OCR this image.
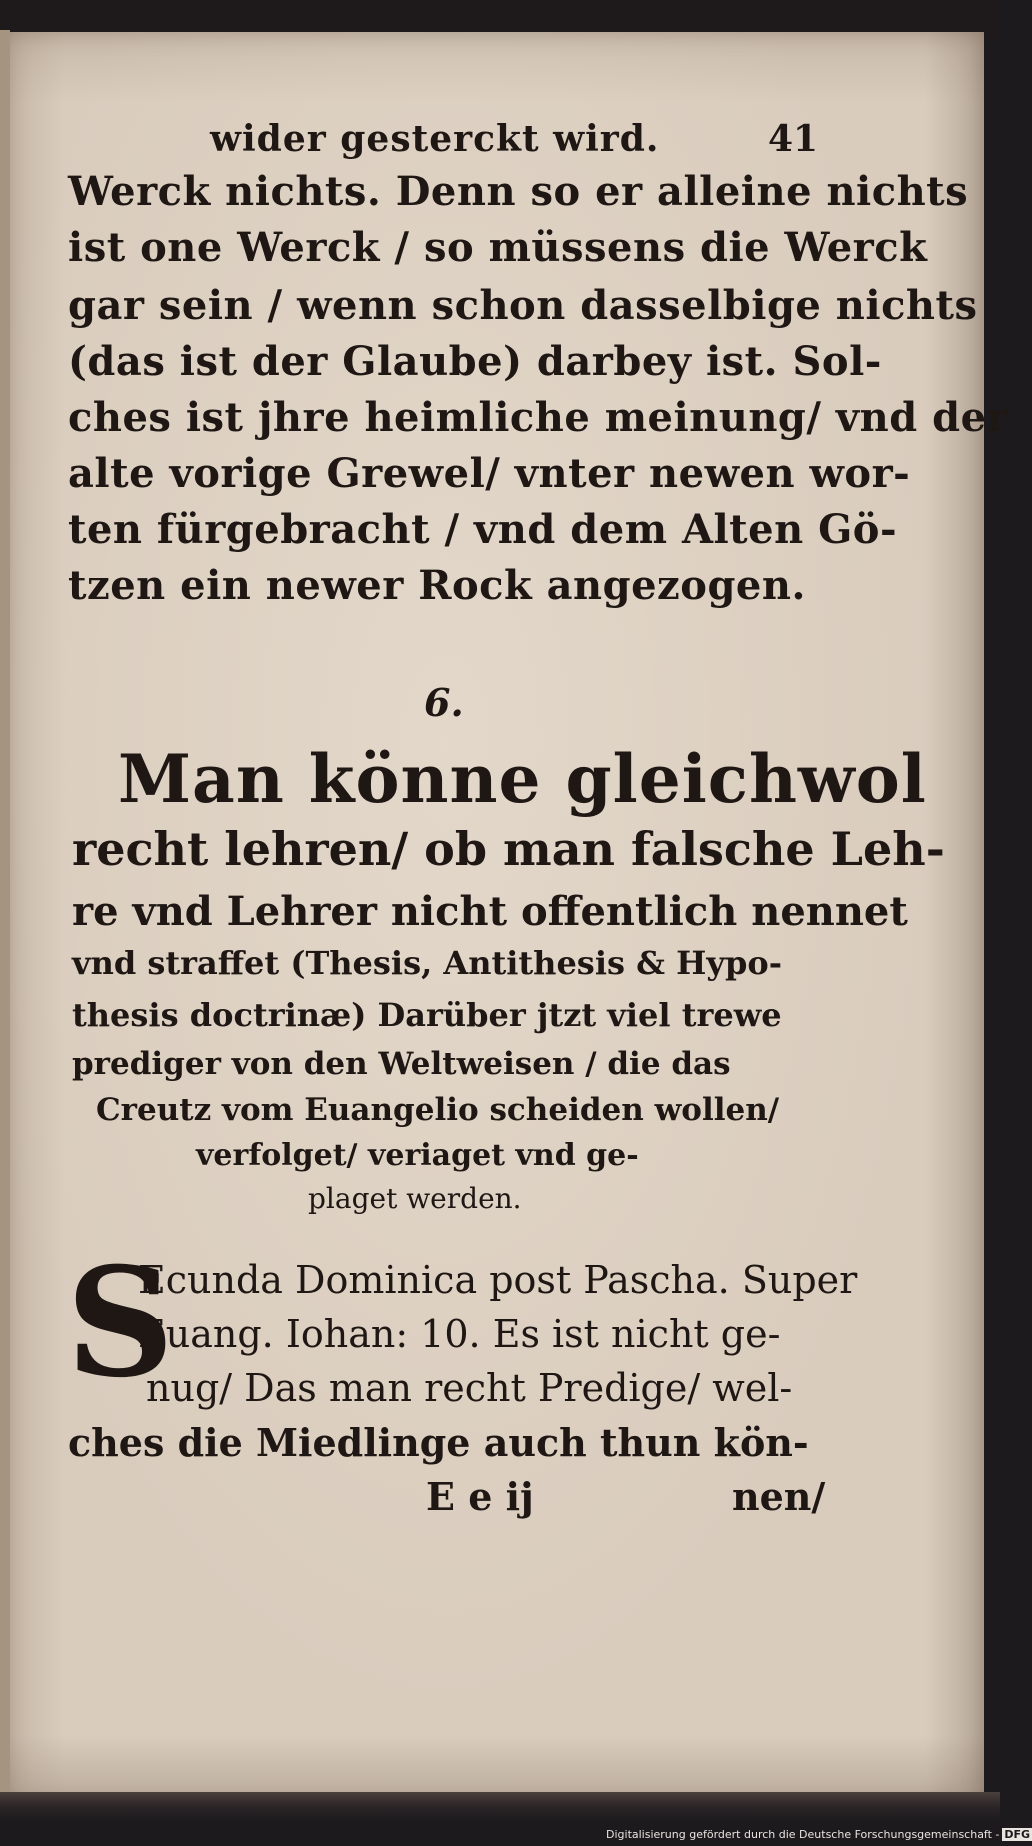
wider gesterckt wird.	41
Werck nichts. Denn so er alleine nichts
ist one Werck / so müssens die Werck
gar sein / wenn schon dasselbige nichts
(das ist der Glaube) darbey ist. Sol-
ches ist jhre heimliche meinung/ vnd der
alte vorige Grewel/ vnter newen wor-
ten fürgebracht / vnd dem Alten Gö-
tzen ein newer Rock angezogen.
6.
Man könne gleichwol
recht lehren/ ob man falsche Leh-
re vnd Lehrer nicht offentlich nennet
vnd straffet (Thesis, Antithesis & Hypo-
thesis doctrinæ) Darüber jtzt viel trewe
prediger von den Weltweisen / die das
Creutz vom Euangelio scheiden wollen/
verfolget/ veriaget vnd ge-
plaget werden.
S
Ecunda Dominica post Pascha. Super
Euang. Iohan: 10. Es ist nicht ge-
nug/ Das man recht Predige/ wel-
ches die Miedlinge auch thun kön-
E e ij	nen/
Digitalisierung gefördert durch die Deutsche Forschungsgemeinschaft - DFG
